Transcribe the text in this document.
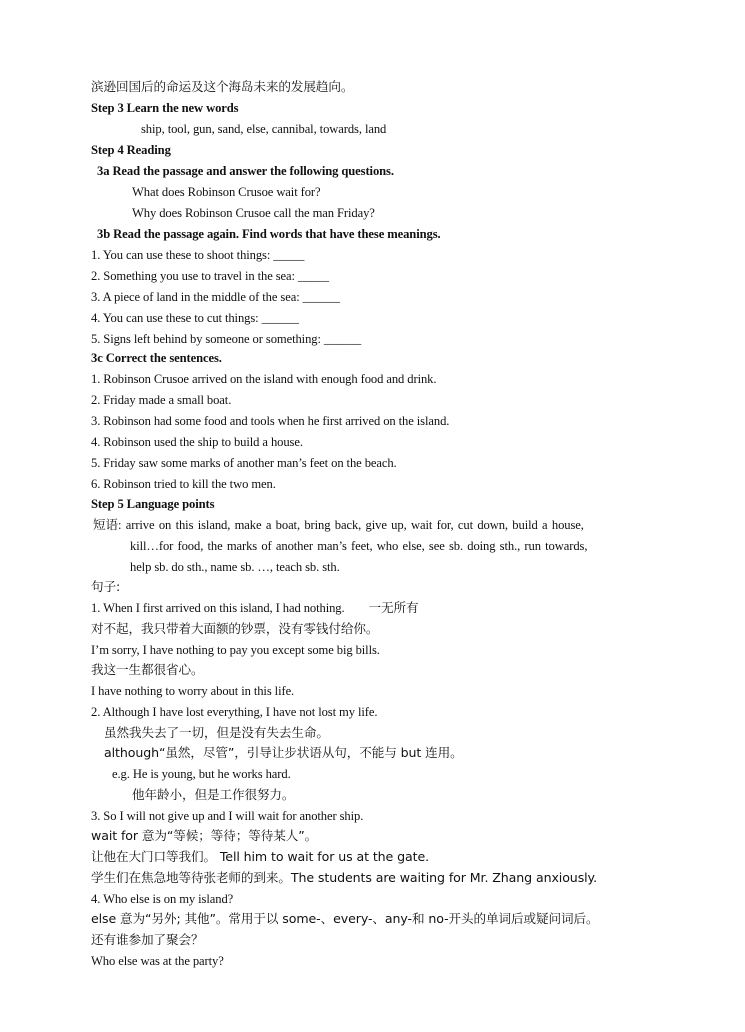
滨逊回国后的命运及这个海岛未来的发展趋向。
Step 3 Learn the new words
ship, tool, gun, sand, else, cannibal, towards, land
Step 4 Reading
3a Read the passage and answer the following questions.
What does Robinson Crusoe wait for?
Why does Robinson Crusoe call the man Friday?
3b Read the passage again. Find words that have these meanings.
1. You can use these to shoot things: _____
2. Something you use to travel in the sea: _____
3. A piece of land in the middle of the sea: ______
4. You can use these to cut things: ______
5. Signs left behind by someone or something: ______
3c Correct the sentences.
1. Robinson Crusoe arrived on the island with enough food and drink.
2. Friday made a small boat.
3. Robinson had some food and tools when he first arrived on the island.
4. Robinson used the ship to build a house.
5. Friday saw some marks of another man’s feet on the beach.
6. Robinson tried to kill the two men.
Step 5 Language points
短语: arrive on this island, make a boat, bring back, give up, wait for, cut down, build a house,
kill…for food, the marks of another man’s feet, who else, see sb. doing sth., run towards,
help sb. do sth., name sb. …, teach sb. sth.
句子:
1. When I first arrived on this island, I had nothing. 一无所有
对不起，我只带着大面额的钞票，没有零钱付给你。
I’m sorry, I have nothing to pay you except some big bills.
我这一生都很省心。
I have nothing to worry about in this life.
2. Although I have lost everything, I have not lost my life.
虽然我失去了一切，但是没有失去生命。
although“虽然，尽管”，引导让步状语从句，不能与 but 连用。
e.g. He is young, but he works hard.
他年龄小，但是工作很努力。
3. So I will not give up and I will wait for another ship.
wait for 意为“等候；等待；等待某人”。
让他在大门口等我们。 Tell him to wait for us at the gate.
学生们在焦急地等待张老师的到来。The students are waiting for Mr. Zhang anxiously.
4. Who else is on my island?
else 意为“另外; 其他”。常用于以 some-、every-、any-和 no-开头的单词后或疑问词后。
还有谁参加了聚会？
Who else was at the party?
